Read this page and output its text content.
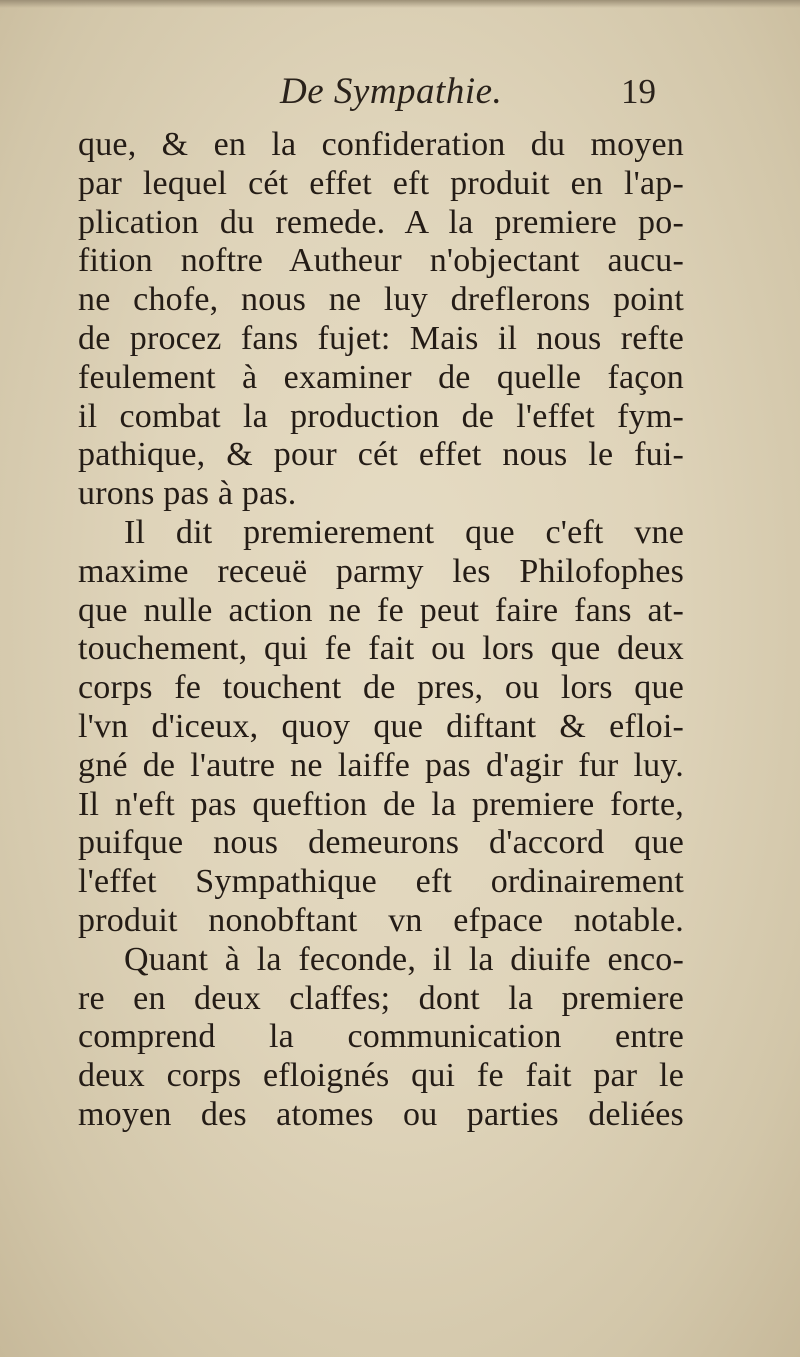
De Sympathie.	19
que, & en la confideration du moyen
par lequel cét effet eft produit en l'ap-
plication du remede. A la premiere po-
fition noftre Autheur n'objectant aucu-
ne chofe, nous ne luy dreflerons point
de procez fans fujet: Mais il nous refte
feulement à examiner de quelle façon
il combat la production de l'effet fym-
pathique, & pour cét effet nous le fui-
urons pas à pas.
Il dit premierement que c'eft vne
maxime receuë parmy les Philofophes
que nulle action ne fe peut faire fans at-
touchement, qui fe fait ou lors que deux
corps fe touchent de pres, ou lors que
l'vn d'iceux, quoy que diftant & efloi-
gné de l'autre ne laiffe pas d'agir fur luy.
Il n'eft pas queftion de la premiere forte,
puifque nous demeurons d'accord que
l'effet Sympathique eft ordinairement
produit nonobftant vn efpace notable.
Quant à la feconde, il la diuife enco-
re en deux claffes; dont la premiere
comprend la communication entre
deux corps efloignés qui fe fait par le
moyen des atomes ou parties deliées
